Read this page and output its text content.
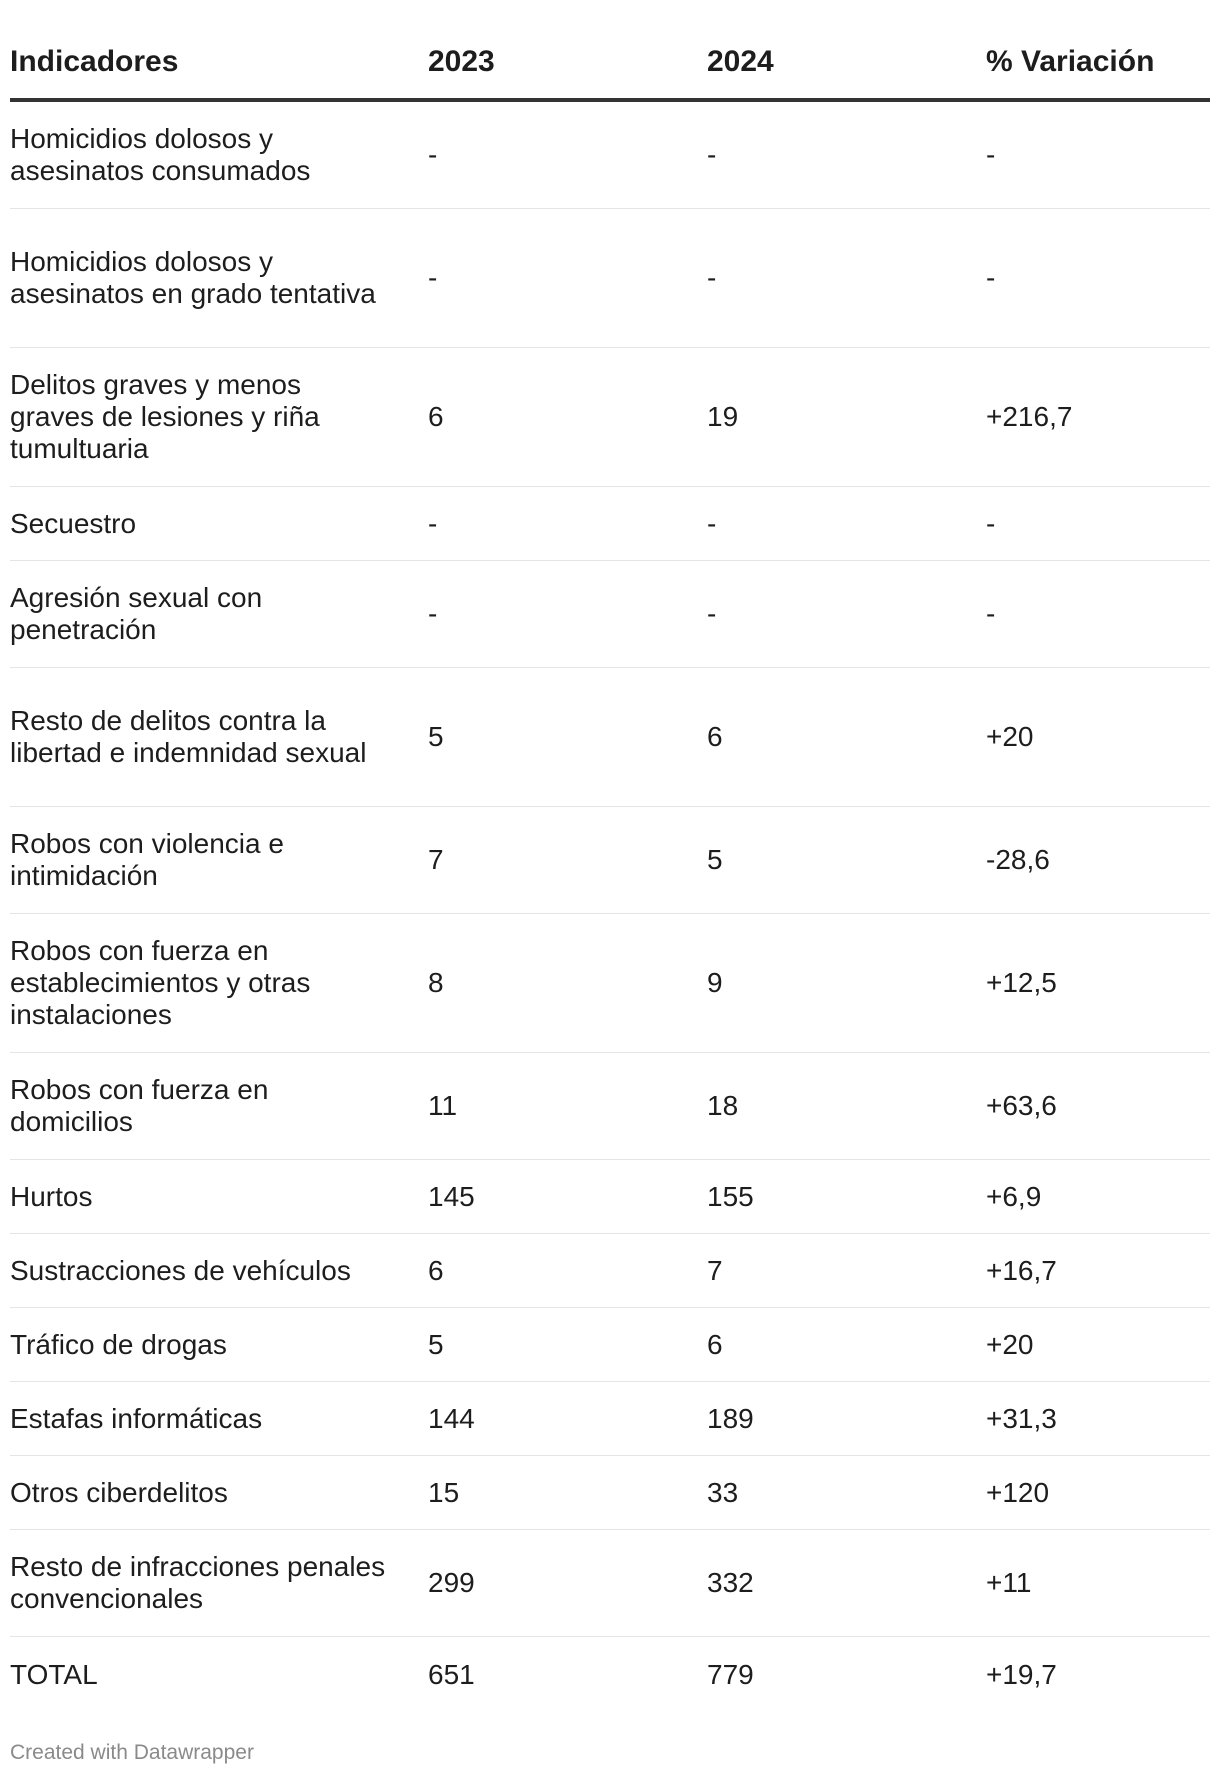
Indicadores	2023	2024	% Variación
Homicidios dolosos y asesinatos consumados	-	-	-
Homicidios dolosos y asesinatos en grado tentativa	-	-	-
Delitos graves y menos graves de lesiones y riña tumultuaria	6	19	+216,7
Secuestro	-	-	-
Agresión sexual con penetración	-	-	-
Resto de delitos contra la libertad e indemnidad sexual	5	6	+20
Robos con violencia e intimidación	7	5	-28,6
Robos con fuerza en establecimientos y otras instalaciones	8	9	+12,5
Robos con fuerza en domicilios	11	18	+63,6
Hurtos	145	155	+6,9
Sustracciones de vehículos	6	7	+16,7
Tráfico de drogas	5	6	+20
Estafas informáticas	144	189	+31,3
Otros ciberdelitos	15	33	+120
Resto de infracciones penales convencionales	299	332	+11
TOTAL	651	779	+19,7
Created with Datawrapper
